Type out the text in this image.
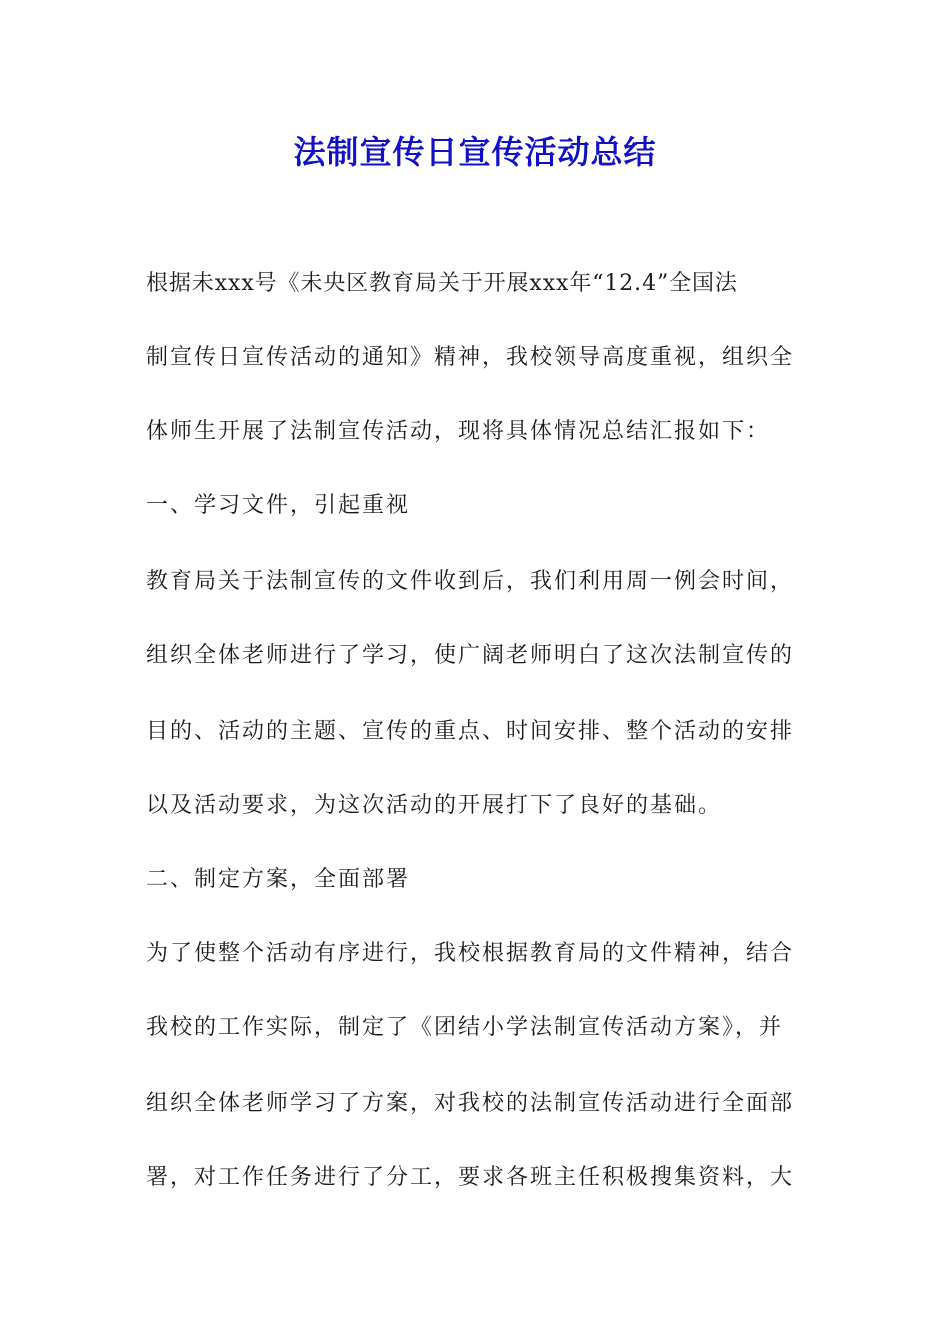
法制宣传日宣传活动总结

根据未xxx号《未央区教育局关于开展xxx年“12.4”全国法

制宣传日宣传活动的通知》精神，我校领导高度重视，组织全

体师生开展了法制宣传活动，现将具体情况总结汇报如下：

一、学习文件，引起重视

教育局关于法制宣传的文件收到后，我们利用周一例会时间，

组织全体老师进行了学习，使广阔老师明白了这次法制宣传的

目的、活动的主题、宣传的重点、时间安排、整个活动的安排

以及活动要求，为这次活动的开展打下了良好的基础。

二、制定方案，全面部署

为了使整个活动有序进行，我校根据教育局的文件精神，结合

我校的工作实际，制定了《团结小学法制宣传活动方案》，并

组织全体老师学习了方案，对我校的法制宣传活动进行全面部

署，对工作任务进行了分工，要求各班主任积极搜集资料，大
